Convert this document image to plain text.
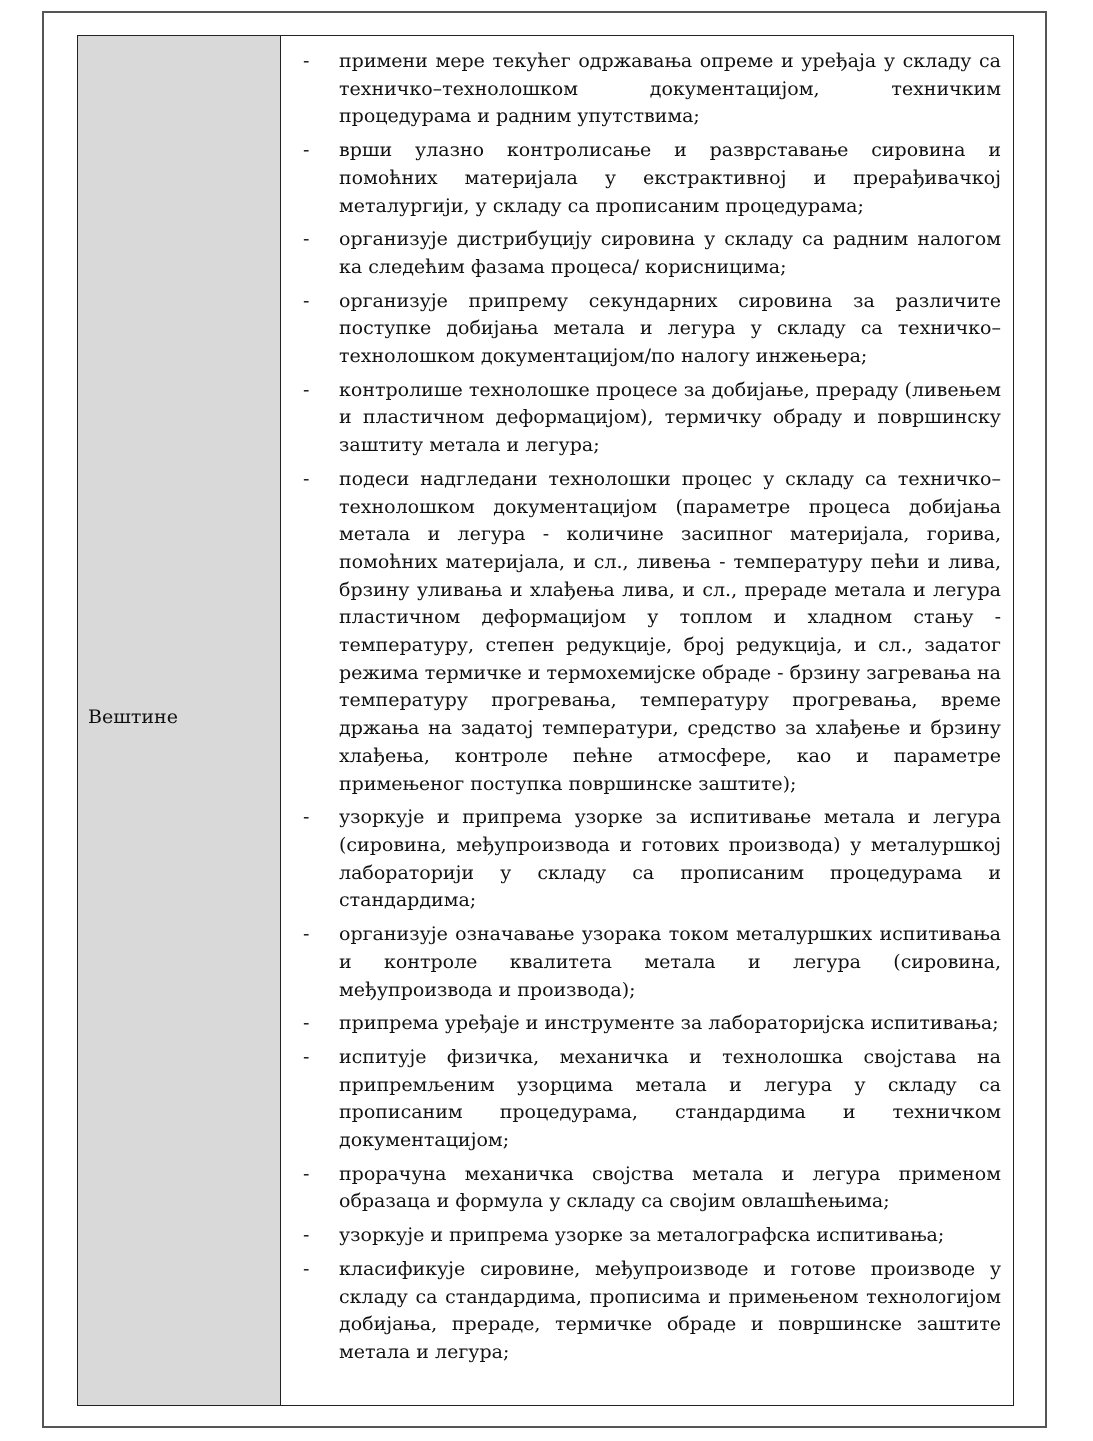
Вештине
-	примени мере текућег одржавања опреме и уређаја у складу са техничко–технолошком документацијом, техничким процедурама и радним упутствима;
-	врши улазно контролисање и разврставање сировина и помоћних материјала у екстрактивној и прерађивачкој металургији, у складу са прописаним процедурама;
-	организује дистрибуцију сировина у складу са радним налогом ка следећим фазама процеса/ корисницима;
-	организује припрему секундарних сировина за различите поступке добијања метала и легура у складу са техничко–технолошком документацијом/по налогу инжењера;
-	контролише технолошке процесе за добијање, прераду (ливењем и пластичном деформацијом), термичку обраду и површинску заштиту метала и легура;
-	подеси надгледани технолошки процес у складу са техничко–технолошком документацијом (параметре процеса добијања метала и легура - количине засипног материјала, горива, помоћних материјала, и сл., ливења - температуру пећи и лива, брзину уливања и хлађења лива, и сл., прераде метала и легура пластичном деформацијом у топлом и хладном стању - температуру, степен редукције, број редукција, и сл., задатог режима термичке и термохемијске обраде - брзину загревања на температуру прогревања, температуру прогревања, време држања на задатој температури, средство за хлађење и брзину хлађења, контроле пећне атмосфере, као и параметре примењеног поступка површинске заштите);
-	узоркује и припрема узорке за испитивање метала и легура (сировина, међупроизвода и готових производа) у металуршкој лабораторији у складу са прописаним процедурама и стандардима;
-	организује означавање узорака током металуршких испитивања и контроле квалитета метала и легура (сировина, међупроизвода и производа);
-	припрема уређаје и инструменте за лабораторијска испитивања;
-	испитује физичка, механичка и технолошка својстава на припремљеним узорцима метала и легура у складу са прописаним процедурама, стандардима и техничком документацијом;
-	прорачуна механичка својства метала и легура применом образаца и формула у складу са својим овлашћењима;
-	узоркује и припрема узорке за металографска испитивања;
-	класификује сировине, међупроизводе и готове производе у складу са стандардима, прописима и примењеном технологијом добијања, прераде, термичке обраде и површинске заштите метала и легура;
